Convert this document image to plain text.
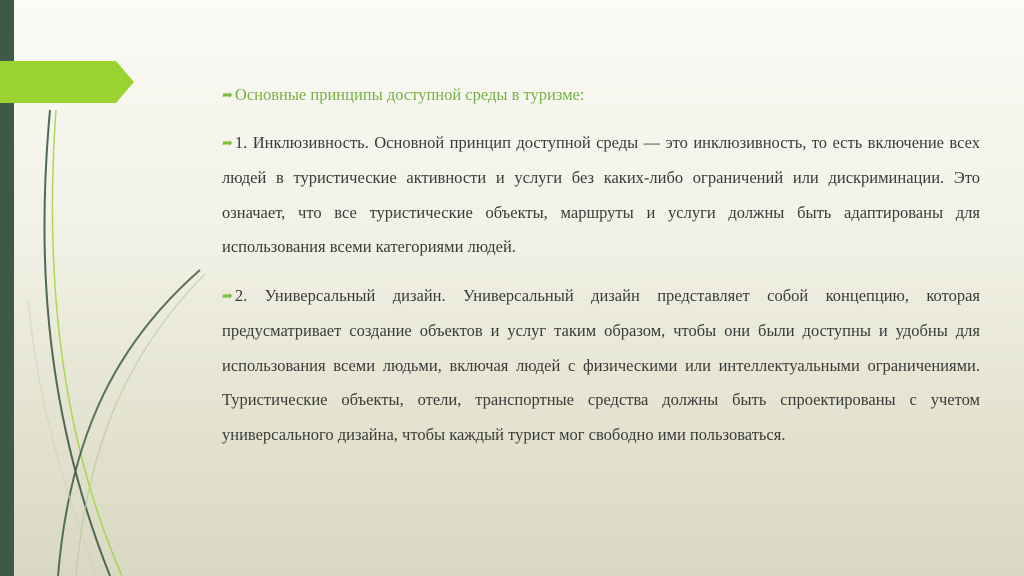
➦ Основные принципы доступной среды в туризме:
➦ 1. Инклюзивность. Основной принцип доступной среды — это инклюзивность, то есть включение всех людей в туристические активности и услуги без каких-либо ограничений или дискриминации. Это означает, что все туристические объекты, маршруты и услуги должны быть адаптированы для использования всеми категориями людей.
➦ 2. Универсальный дизайн. Универсальный дизайн представляет собой концепцию, которая предусматривает создание объектов и услуг таким образом, чтобы они были доступны и удобны для использования всеми людьми, включая людей с физическими или интеллектуальными ограничениями. Туристические объекты, отели, транспортные средства должны быть спроектированы с учетом универсального дизайна, чтобы каждый турист мог свободно ими пользоваться.
